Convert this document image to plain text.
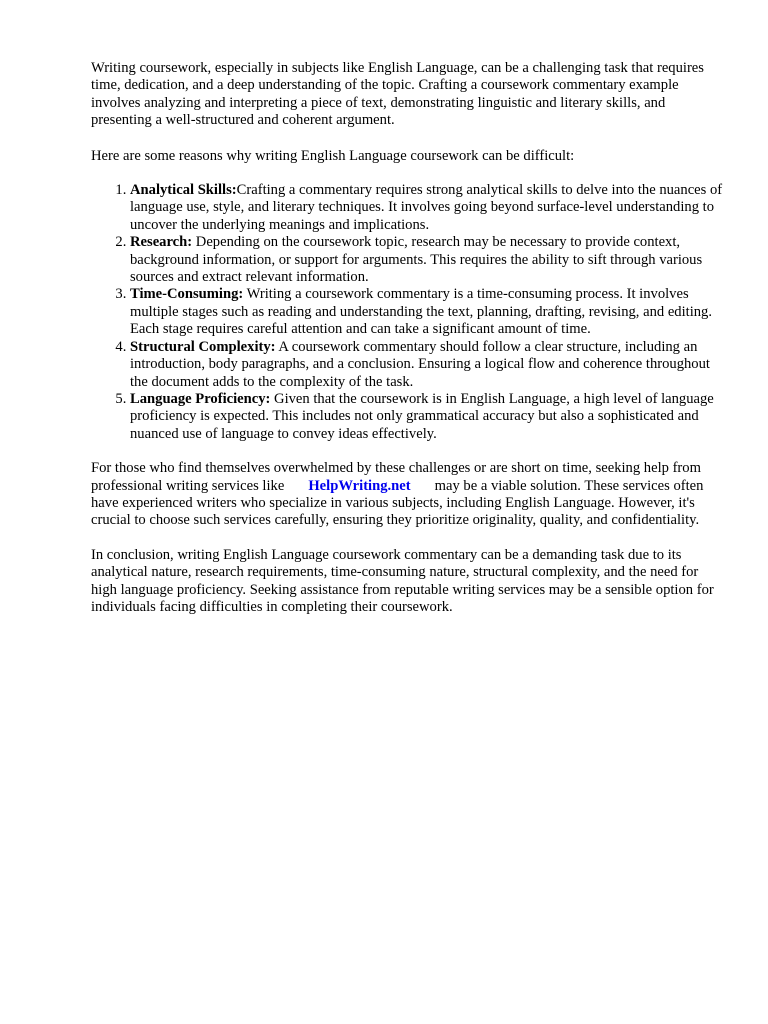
Writing coursework, especially in subjects like English Language, can be a challenging task that requires time, dedication, and a deep understanding of the topic. Crafting a coursework commentary example involves analyzing and interpreting a piece of text, demonstrating linguistic and literary skills, and presenting a well-structured and coherent argument.

Here are some reasons why writing English Language coursework can be difficult:

1. Analytical Skills:Crafting a commentary requires strong analytical skills to delve into the nuances of language use, style, and literary techniques. It involves going beyond surface-level understanding to uncover the underlying meanings and implications.
2. Research: Depending on the coursework topic, research may be necessary to provide context, background information, or support for arguments. This requires the ability to sift through various sources and extract relevant information.
3. Time-Consuming: Writing a coursework commentary is a time-consuming process. It involves multiple stages such as reading and understanding the text, planning, drafting, revising, and editing. Each stage requires careful attention and can take a significant amount of time.
4. Structural Complexity: A coursework commentary should follow a clear structure, including an introduction, body paragraphs, and a conclusion. Ensuring a logical flow and coherence throughout the document adds to the complexity of the task.
5. Language Proficiency: Given that the coursework is in English Language, a high level of language proficiency is expected. This includes not only grammatical accuracy but also a sophisticated and nuanced use of language to convey ideas effectively.

For those who find themselves overwhelmed by these challenges or are short on time, seeking help from professional writing services like HelpWriting.net may be a viable solution. These services often have experienced writers who specialize in various subjects, including English Language. However, it's crucial to choose such services carefully, ensuring they prioritize originality, quality, and confidentiality.

In conclusion, writing English Language coursework commentary can be a demanding task due to its analytical nature, research requirements, time-consuming nature, structural complexity, and the need for high language proficiency. Seeking assistance from reputable writing services may be a sensible option for individuals facing difficulties in completing their coursework.
